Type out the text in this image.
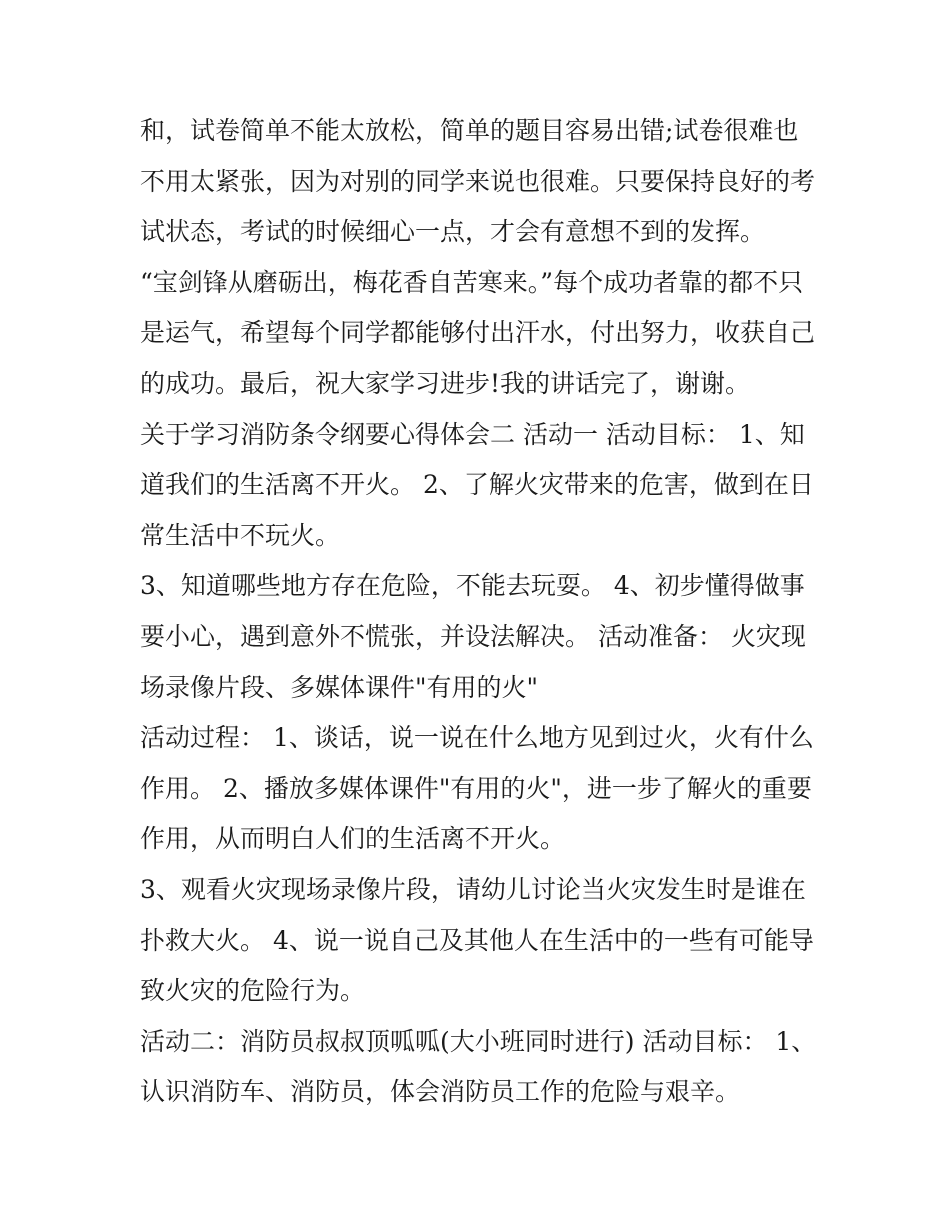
和，试卷简单不能太放松，简单的题目容易出错;试卷很难也
不用太紧张，因为对别的同学来说也很难。只要保持良好的考
试状态，考试的时候细心一点，才会有意想不到的发挥。
“宝剑锋从磨砺出，梅花香自苦寒来。”每个成功者靠的都不只
是运气，希望每个同学都能够付出汗水，付出努力，收获自己
的成功。最后，祝大家学习进步!我的讲话完了，谢谢。
关于学习消防条令纲要心得体会二 活动一 活动目标： 1、知
道我们的生活离不开火。 2、了解火灾带来的危害，做到在日
常生活中不玩火。
3、知道哪些地方存在危险，不能去玩耍。 4、初步懂得做事
要小心，遇到意外不慌张，并设法解决。 活动准备： 火灾现
场录像片段、多媒体课件"有用的火"
活动过程： 1、谈话，说一说在什么地方见到过火，火有什么
作用。 2、播放多媒体课件"有用的火"，进一步了解火的重要
作用，从而明白人们的生活离不开火。
3、观看火灾现场录像片段，请幼儿讨论当火灾发生时是谁在
扑救大火。 4、说一说自己及其他人在生活中的一些有可能导
致火灾的危险行为。
活动二：消防员叔叔顶呱呱(大小班同时进行) 活动目标： 1、
认识消防车、消防员，体会消防员工作的危险与艰辛。
